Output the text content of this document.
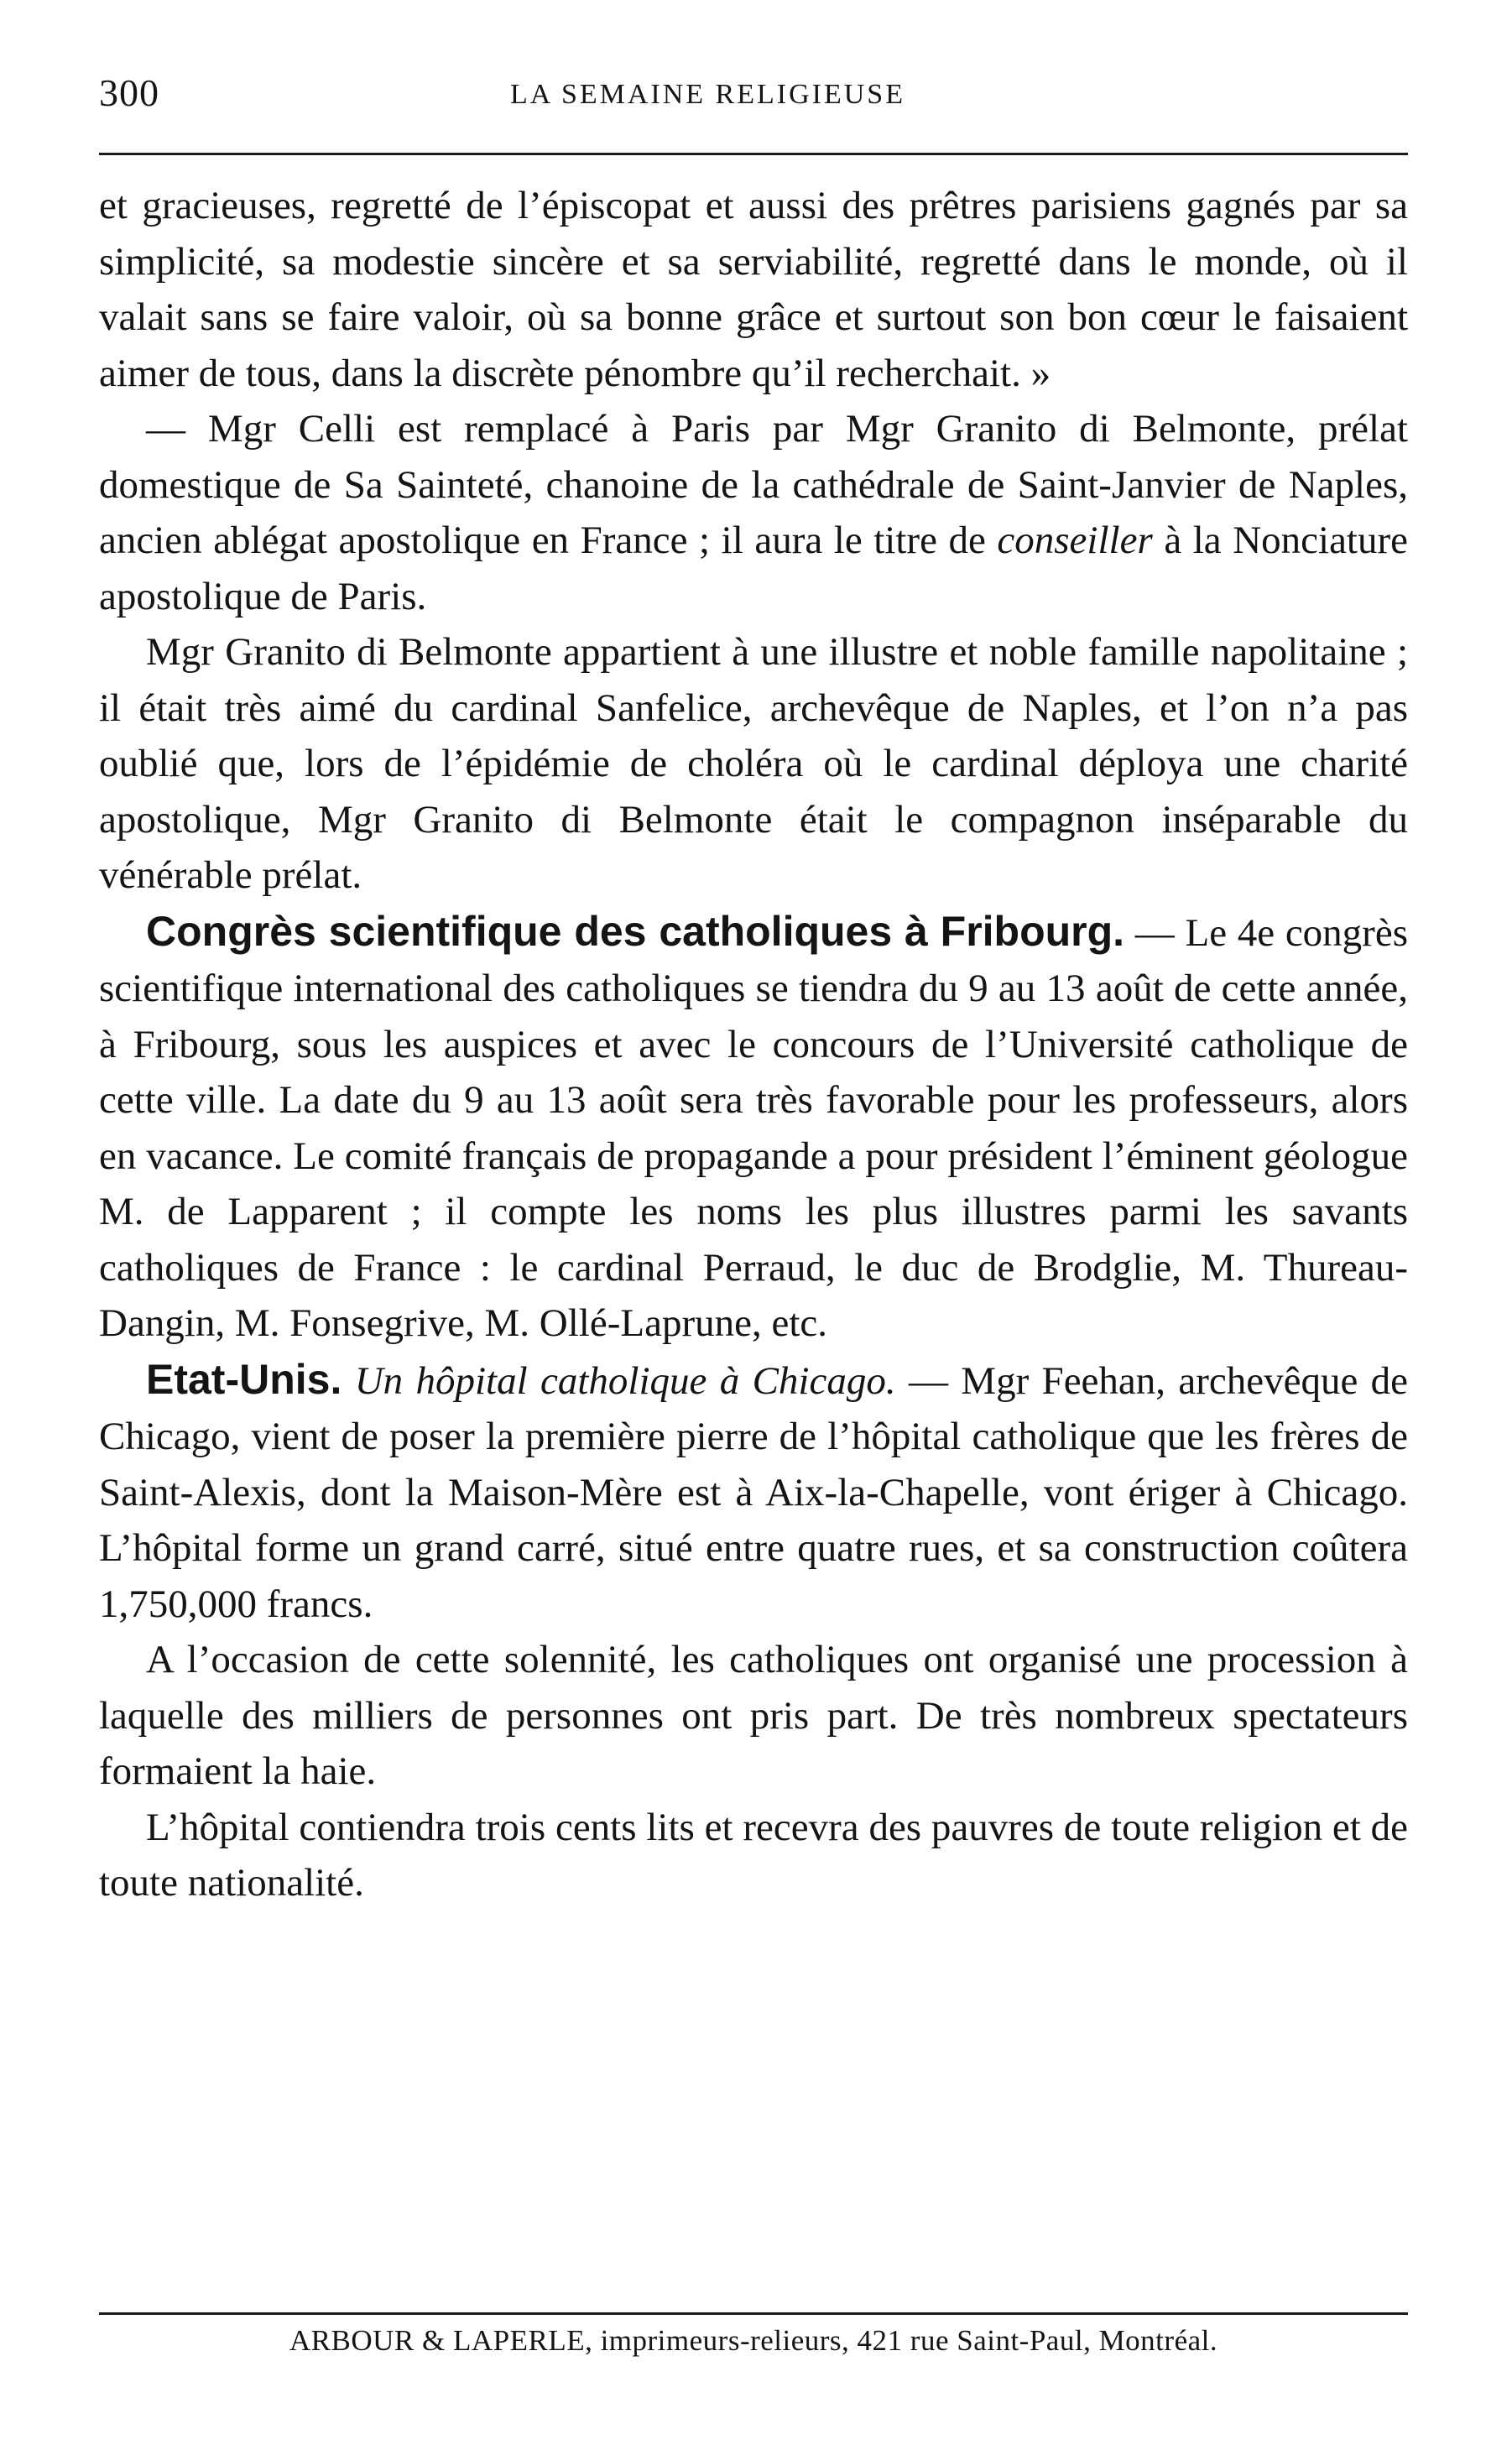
300	LA SEMAINE RELIGIEUSE

et gracieuses, regretté de l’épiscopat et aussi des prêtres parisiens gagnés par sa simplicité, sa modestie sincère et sa serviabilité, regretté dans le monde, où il valait sans se faire valoir, où sa bonne grâce et surtout son bon cœur le faisaient aimer de tous, dans la discrète pénombre qu’il recherchait. »

— Mgr Celli est remplacé à Paris par Mgr Granito di Belmonte, prélat domestique de Sa Sainteté, chanoine de la cathédrale de Saint-Janvier de Naples, ancien ablégat apostolique en France ; il aura le titre de conseiller à la Nonciature apostolique de Paris.

Mgr Granito di Belmonte appartient à une illustre et noble famille napolitaine ; il était très aimé du cardinal Sanfelice, archevêque de Naples, et l’on n’a pas oublié que, lors de l’épidémie de choléra où le cardinal déploya une charité apostolique, Mgr Granito di Belmonte était le compagnon inséparable du vénérable prélat.

Congrès scientifique des catholiques à Fribourg. — Le 4e congrès scientifique international des catholiques se tiendra du 9 au 13 août de cette année, à Fribourg, sous les auspices et avec le concours de l’Université catholique de cette ville. La date du 9 au 13 août sera très favorable pour les professeurs, alors en vacance. Le comité français de propagande a pour président l’éminent géologue M. de Lapparent ; il compte les noms les plus illustres parmi les savants catholiques de France : le cardinal Perraud, le duc de Brodglie, M. Thureau-Dangin, M. Fonsegrive, M. Ollé-Laprune, etc.

Etat-Unis. Un hôpital catholique à Chicago. — Mgr Feehan, archevêque de Chicago, vient de poser la première pierre de l’hôpital catholique que les frères de Saint-Alexis, dont la Maison-Mère est à Aix-la-Chapelle, vont ériger à Chicago. L’hôpital forme un grand carré, situé entre quatre rues, et sa construction coûtera 1,750,000 francs.

A l’occasion de cette solennité, les catholiques ont organisé une procession à laquelle des milliers de personnes ont pris part. De très nombreux spectateurs formaient la haie.

L’hôpital contiendra trois cents lits et recevra des pauvres de toute religion et de toute nationalité.

ARBOUR & LAPERLE, imprimeurs-relieurs, 421 rue Saint-Paul, Montréal.
